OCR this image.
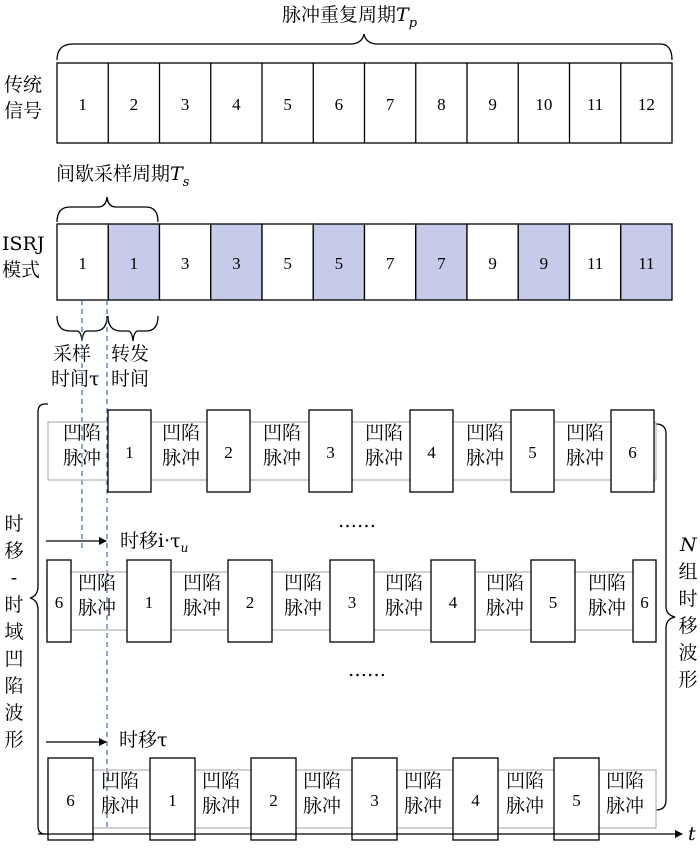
脉冲重复周期$T_p$
传统
信号 1	2	3	4	5	6	7	8	9 10 11 12
间歇采样周期$T_s$
ISRJ
模式 1	1	3	3	5	5	7	7	9	9 11 11
采样
时间τ
转发
时间
时
移
-
时
域
凹
陷
波
形
N
组
时
移
波
形
凹陷
脉冲 1
凹陷
脉冲 2
凹陷
脉冲 3
凹陷
脉冲 4
凹陷
脉冲 5
凹陷
脉冲 6
时移$i\cdot\tau_u$
……
6
凹陷
脉冲 1
凹陷
脉冲 2
凹陷
脉冲 3
凹陷
脉冲 4
凹陷
脉冲 5
凹陷
脉冲 6
……
时移τ
6
凹陷
脉冲 1
凹陷
脉冲 2
凹陷
脉冲 3
凹陷
脉冲 4
凹陷
脉冲 5
凹陷
脉冲
t
